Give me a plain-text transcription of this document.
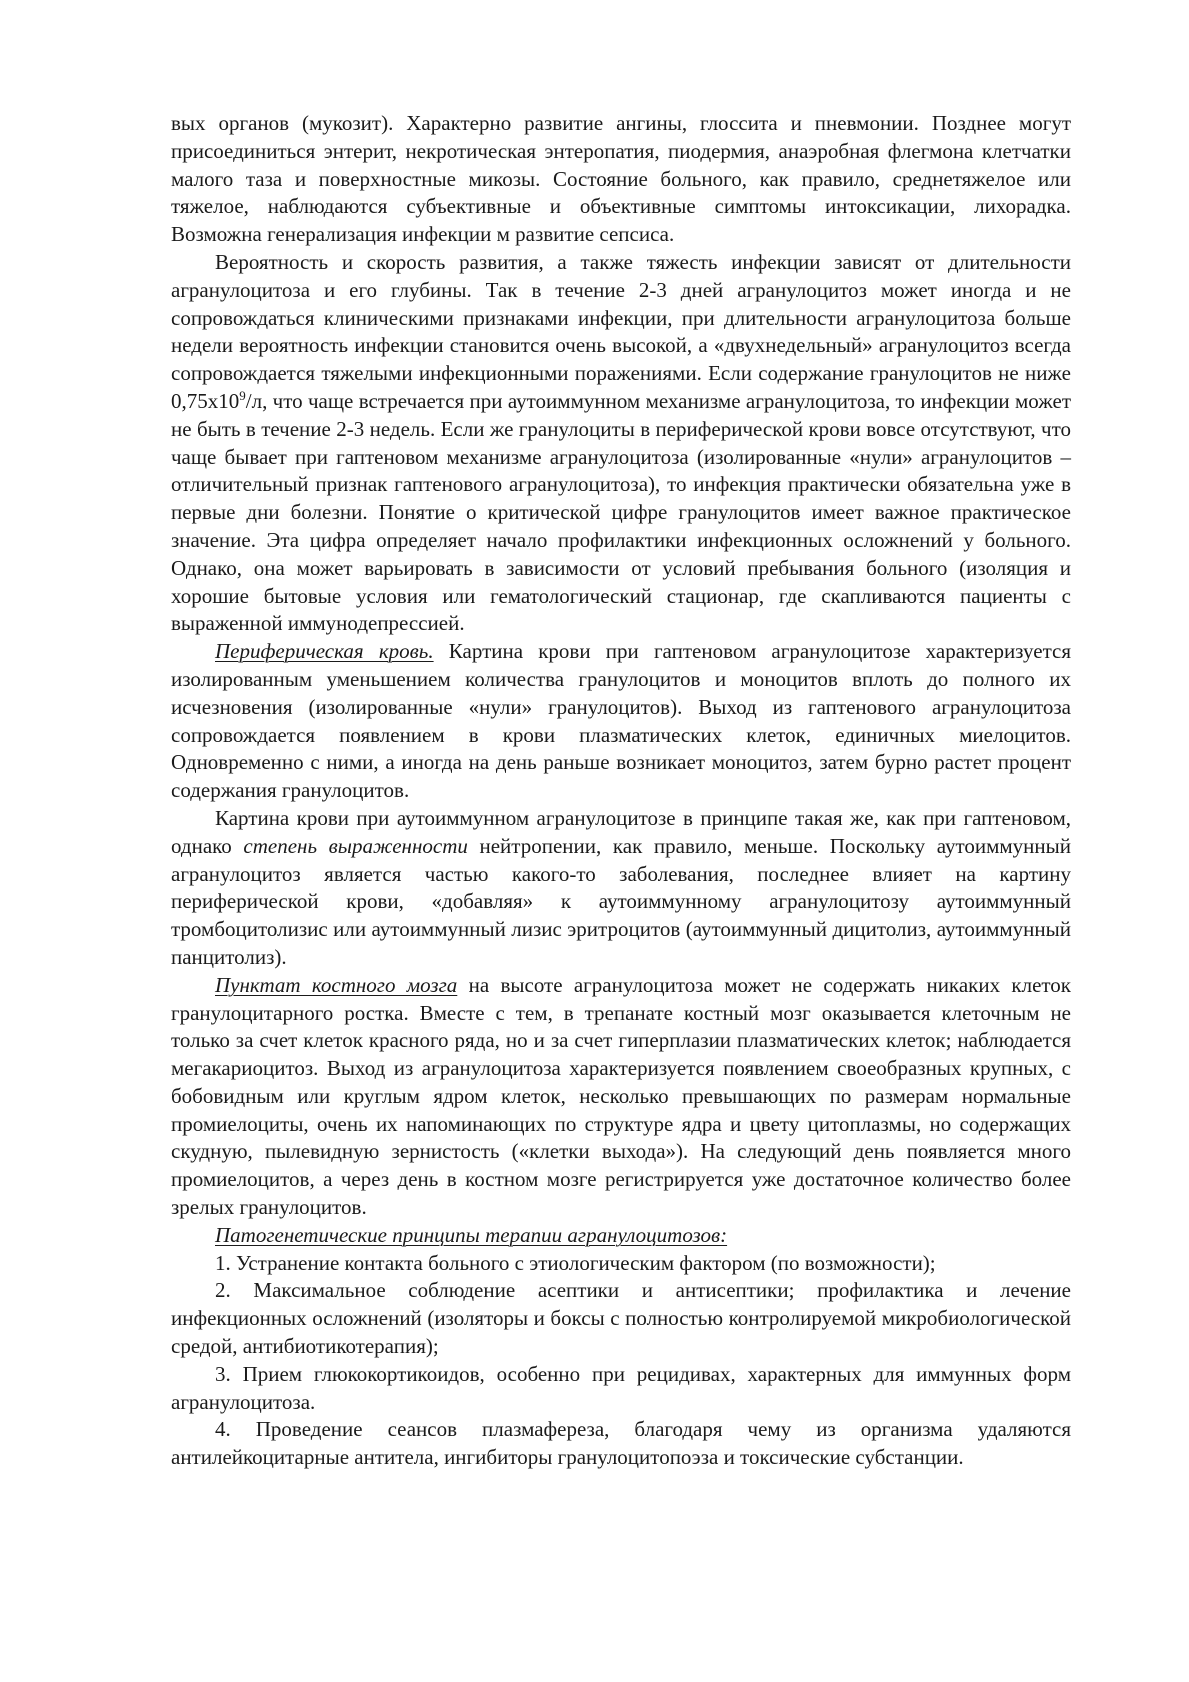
вых органов (мукозит). Характерно развитие ангины, глоссита и пневмонии. Позднее могут присоединиться энтерит, некротическая энтеропатия, пиодермия, анаэробная флегмона клетчатки малого таза и поверхностные микозы. Состояние больного, как правило, среднетяжелое или тяжелое, наблюдаются субъективные и объективные симптомы интоксикации, лихорадка. Возможна генерализация инфекции м развитие сепсиса.

Вероятность и скорость развития, а также тяжесть инфекции зависят от длительности агранулоцитоза и его глубины. Так в течение 2-3 дней агранулоцитоз может иногда и не сопровождаться клиническими признаками инфекции, при длительности агранулоцитоза больше недели вероятность инфекции становится очень высокой, а «двухнедельный» агранулоцитоз всегда сопровождается тяжелыми инфекционными поражениями. Если содержание гранулоцитов не ниже $0,75х10^9/л$, что чаще встречается при аутоиммунном механизме агранулоцитоза, то инфекции может не быть в течение 2-3 недель. Если же гранулоциты в периферической крови вовсе отсутствуют, что чаще бывает при гаптеновом механизме агранулоцитоза (изолированные «нули» агранулоцитов – отличительный признак гаптенового агранулоцитоза), то инфекция практически обязательна уже в первые дни болезни. Понятие о критической цифре гранулоцитов имеет важное практическое значение. Эта цифра определяет начало профилактики инфекционных осложнений у больного. Однако, она может варьировать в зависимости от условий пребывания больного (изоляция и хорошие бытовые условия или гематологический стационар, где скапливаются пациенты с выраженной иммунодепрессией.

Периферическая кровь. Картина крови при гаптеновом агранулоцитозе характеризуется изолированным уменьшением количества гранулоцитов и моноцитов вплоть до полного их исчезновения (изолированные «нули» гранулоцитов). Выход из гаптенового агранулоцитоза сопровождается появлением в крови плазматических клеток, единичных миелоцитов. Одновременно с ними, а иногда на день раньше возникает моноцитоз, затем бурно растет процент содержания гранулоцитов.

Картина крови при аутоиммунном агранулоцитозе в принципе такая же, как при гаптеновом, однако степень выраженности нейтропении, как правило, меньше. Поскольку аутоиммунный агранулоцитоз является частью какого-то заболевания, последнее влияет на картину периферической крови, «добавляя» к аутоиммунному агранулоцитозу аутоиммунный тромбоцитолизис или аутоиммунный лизис эритроцитов (аутоиммунный дицитолиз, аутоиммунный панцитолиз).

Пунктат костного мозга на высоте агранулоцитоза может не содержать никаких клеток гранулоцитарного ростка. Вместе с тем, в трепанате костный мозг оказывается клеточным не только за счет клеток красного ряда, но и за счет гиперплазии плазматических клеток; наблюдается мегакариоцитоз. Выход из агранулоцитоза характеризуется появлением своеобразных крупных, с бобовидным или круглым ядром клеток, несколько превышающих по размерам нормальные промиелоциты, очень их напоминающих по структуре ядра и цвету цитоплазмы, но содержащих скудную, пылевидную зернистость («клетки выхода»). На следующий день появляется много промиелоцитов, а через день в костном мозге регистрируется уже достаточное количество более зрелых гранулоцитов.

Патогенетические принципы терапии агранулоцитозов:

1. Устранение контакта больного с этиологическим фактором (по возможности);

2. Максимальное соблюдение асептики и антисептики; профилактика и лечение инфекционных осложнений (изоляторы и боксы с полностью контролируемой микробиологической средой, антибиотикотерапия);

3. Прием глюкокортикоидов, особенно при рецидивах, характерных для иммунных форм агранулоцитоза.

4. Проведение сеансов плазмафереза, благодаря чему из организма удаляются антилейкоцитарные антитела, ингибиторы гранулоцитопоэза и токсические субстанции.
